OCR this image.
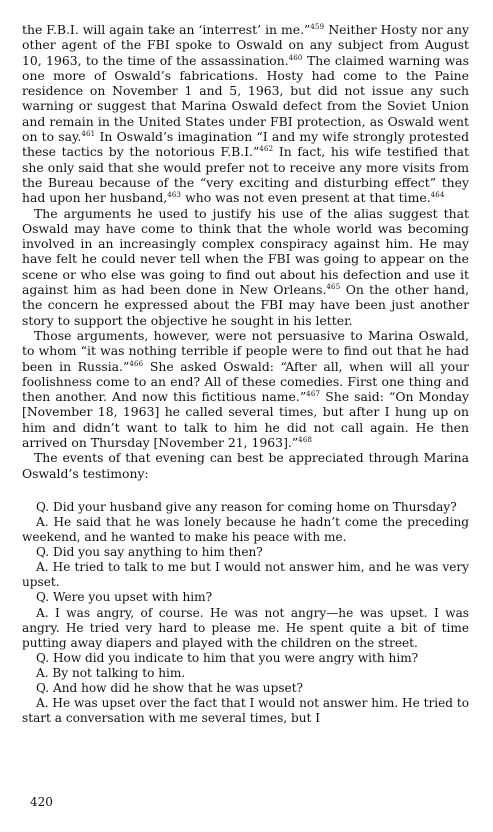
the F.B.I. will again take an ‘interrest’ in me.”$^{459}$ Neither Hosty nor any other agent of the FBI spoke to Oswald on any subject from August 10, 1963, to the time of the assassination.$^{460}$ The claimed warning was one more of Oswald’s fabrications. Hosty had come to the Paine residence on November 1 and 5, 1963, but did not issue any such warning or suggest that Marina Oswald defect from the Soviet Union and remain in the United States under FBI protection, as Oswald went on to say.$^{461}$ In Oswald’s imagination “I and my wife strongly protested these tactics by the notorious F.B.I.”$^{462}$ In fact, his wife testified that she only said that she would prefer not to receive any more visits from the Bureau because of the “very exciting and disturbing effect” they had upon her husband,$^{463}$ who was not even present at that time.$^{464}$

The arguments he used to justify his use of the alias suggest that Oswald may have come to think that the whole world was becoming involved in an increasingly complex conspiracy against him. He may have felt he could never tell when the FBI was going to appear on the scene or who else was going to find out about his defection and use it against him as had been done in New Orleans.$^{465}$ On the other hand, the concern he expressed about the FBI may have been just another story to support the objective he sought in his letter.

Those arguments, however, were not persuasive to Marina Oswald, to whom “it was nothing terrible if people were to find out that he had been in Russia.”$^{466}$ She asked Oswald: “After all, when will all your foolishness come to an end? All of these comedies. First one thing and then another. And now this fictitious name.”$^{467}$ She said: “On Monday [November 18, 1963] he called several times, but after I hung up on him and didn’t want to talk to him he did not call again. He then arrived on Thursday [November 21, 1963].”$^{468}$

The events of that evening can best be appreciated through Marina Oswald’s testimony:

Q. Did your husband give any reason for coming home on Thursday?

A. He said that he was lonely because he hadn’t come the preceding weekend, and he wanted to make his peace with me.

Q. Did you say anything to him then?

A. He tried to talk to me but I would not answer him, and he was very upset.

Q. Were you upset with him?

A. I was angry, of course. He was not angry—he was upset. I was angry. He tried very hard to please me. He spent quite a bit of time putting away diapers and played with the children on the street.

Q. How did you indicate to him that you were angry with him?

A. By not talking to him.

Q. And how did he show that he was upset?

A. He was upset over the fact that I would not answer him. He tried to start a conversation with me several times, but I

420
